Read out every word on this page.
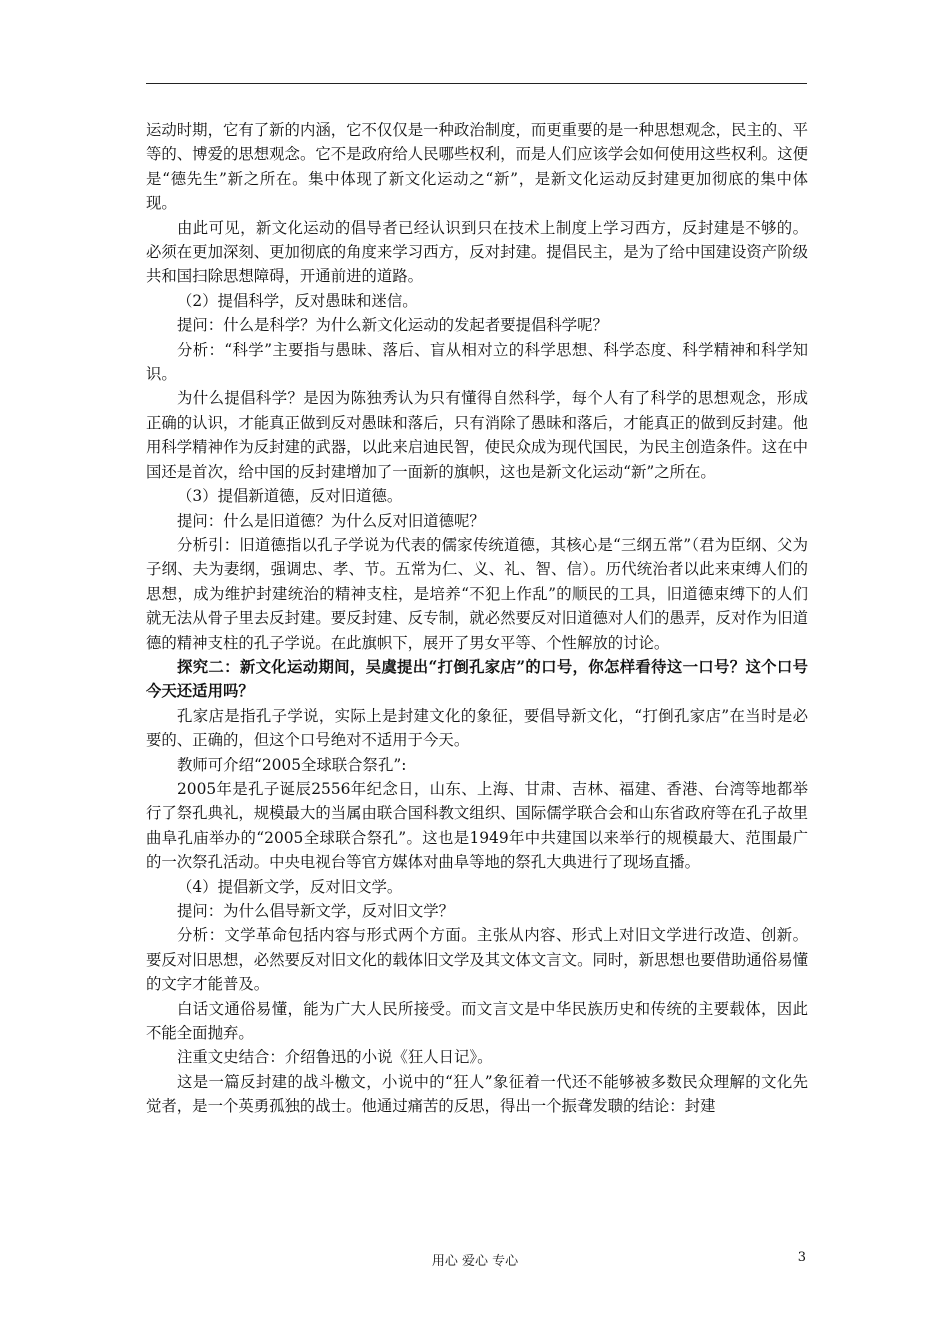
运动时期，它有了新的内涵，它不仅仅是一种政治制度，而更重要的是一种思想观念，民主的、平等的、博爱的思想观念。它不是政府给人民哪些权利，而是人们应该学会如何使用这些权利。这便是“德先生”新之所在。集中体现了新文化运动之“新”，是新文化运动反封建更加彻底的集中体现。

由此可见，新文化运动的倡导者已经认识到只在技术上制度上学习西方，反封建是不够的。必须在更加深刻、更加彻底的角度来学习西方，反对封建。提倡民主，是为了给中国建设资产阶级共和国扫除思想障碍，开通前进的道路。

（2）提倡科学，反对愚昧和迷信。

提问：什么是科学？为什么新文化运动的发起者要提倡科学呢？

分析：“科学”主要指与愚昧、落后、盲从相对立的科学思想、科学态度、科学精神和科学知识。

为什么提倡科学？是因为陈独秀认为只有懂得自然科学，每个人有了科学的思想观念，形成正确的认识，才能真正做到反对愚昧和落后，只有消除了愚昧和落后，才能真正的做到反封建。他用科学精神作为反封建的武器，以此来启迪民智，使民众成为现代国民，为民主创造条件。这在中国还是首次，给中国的反封建增加了一面新的旗帜，这也是新文化运动“新”之所在。

（3）提倡新道德，反对旧道德。

提问：什么是旧道德？为什么反对旧道德呢？

分析引：旧道德指以孔子学说为代表的儒家传统道德，其核心是“三纲五常”（君为臣纲、父为子纲、夫为妻纲，强调忠、孝、节。五常为仁、义、礼、智、信）。历代统治者以此来束缚人们的思想，成为维护封建统治的精神支柱，是培养“不犯上作乱”的顺民的工具，旧道德束缚下的人们就无法从骨子里去反封建。要反封建、反专制，就必然要反对旧道德对人们的愚弄，反对作为旧道德的精神支柱的孔子学说。在此旗帜下，展开了男女平等、个性解放的讨论。

探究二：新文化运动期间，吴虞提出“打倒孔家店”的口号，你怎样看待这一口号？这个口号今天还适用吗？

孔家店是指孔子学说，实际上是封建文化的象征，要倡导新文化，“打倒孔家店”在当时是必要的、正确的，但这个口号绝对不适用于今天。

教师可介绍“2005全球联合祭孔”:

2005年是孔子诞辰2556年纪念日，山东、上海、甘肃、吉林、福建、香港、台湾等地都举行了祭孔典礼，规模最大的当属由联合国科教文组织、国际儒学联合会和山东省政府等在孔子故里曲阜孔庙举办的“2005全球联合祭孔”。这也是1949年中共建国以来举行的规模最大、范围最广的一次祭孔活动。中央电视台等官方媒体对曲阜等地的祭孔大典进行了现场直播。

（4）提倡新文学，反对旧文学。

提问：为什么倡导新文学，反对旧文学？

分析：文学革命包括内容与形式两个方面。主张从内容、形式上对旧文学进行改造、创新。要反对旧思想，必然要反对旧文化的载体旧文学及其文体文言文。同时，新思想也要借助通俗易懂的文字才能普及。

白话文通俗易懂，能为广大人民所接受。而文言文是中华民族历史和传统的主要载体，因此不能全面抛弃。

注重文史结合：介绍鲁迅的小说《狂人日记》。

这是一篇反封建的战斗檄文，小说中的“狂人”象征着一代还不能够被多数民众理解的文化先觉者，是一个英勇孤独的战士。他通过痛苦的反思，得出一个振聋发聩的结论：封建

用心 爱心 专心	3
